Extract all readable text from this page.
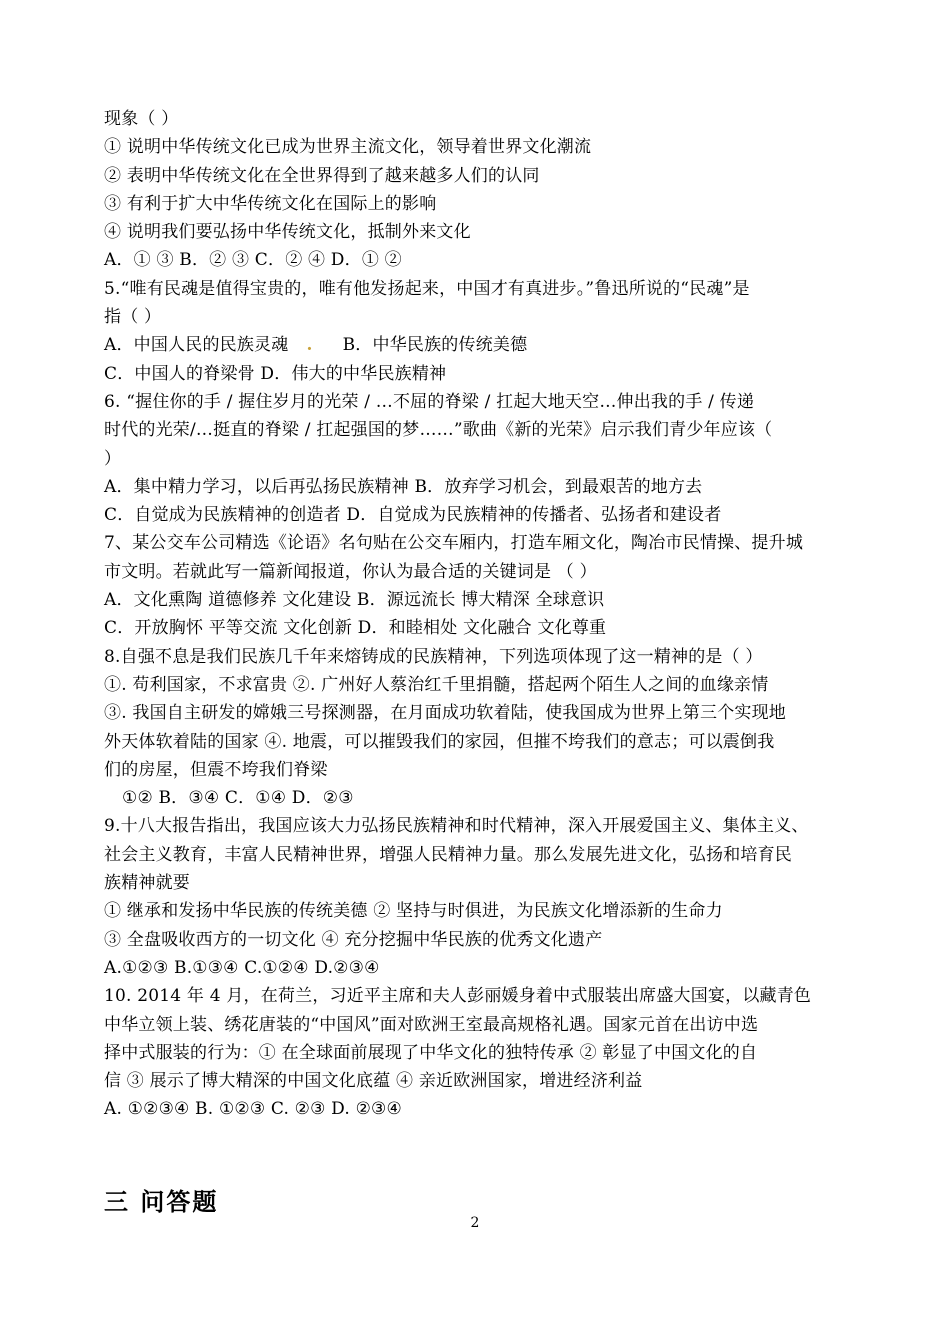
现象（ ）
① 说明中华传统文化已成为世界主流文化，领导着世界文化潮流
② 表明中华传统文化在全世界得到了越来越多人们的认同
③ 有利于扩大中华传统文化在国际上的影响
④ 说明我们要弘扬中华传统文化，抵制外来文化
A．① ③ B．② ③ C．② ④ D．① ②
5.“唯有民魂是值得宝贵的，唯有他发扬起来，中国才有真进步。”鲁迅所说的“民魂”是
指（ ）
A．中国人民的民族灵魂 . B．中华民族的传统美德
C．中国人的脊梁骨 D．伟大的中华民族精神
6. “握住你的手 / 握住岁月的光荣 / …不屈的脊梁 / 扛起大地天空…伸出我的手 / 传递
时代的光荣/…挺直的脊梁 / 扛起强国的梦……”歌曲《新的光荣》启示我们青少年应该（
）
A．集中精力学习，以后再弘扬民族精神 B．放弃学习机会，到最艰苦的地方去
C．自觉成为民族精神的创造者 D．自觉成为民族精神的传播者、弘扬者和建设者
7、某公交车公司精选《论语》名句贴在公交车厢内，打造车厢文化，陶冶市民情操、提升城
市文明。若就此写一篇新闻报道，你认为最合适的关键词是 （ ）
A．文化熏陶 道德修养 文化建设 B．源远流长 博大精深 全球意识
C．开放胸怀 平等交流 文化创新 D．和睦相处 文化融合 文化尊重
8.自强不息是我们民族几千年来熔铸成的民族精神，下列选项体现了这一精神的是（ ）
①. 苟利国家，不求富贵 ②. 广州好人蔡治红千里捐髓，搭起两个陌生人之间的血缘亲情
③. 我国自主研发的嫦娥三号探测器，在月面成功软着陆，使我国成为世界上第三个实现地
外天体软着陆的国家 ④. 地震，可以摧毁我们的家园，但摧不垮我们的意志；可以震倒我
们的房屋，但震不垮我们脊梁
①② B．③④ C．①④ D．②③
9.十八大报告指出，我国应该大力弘扬民族精神和时代精神，深入开展爱国主义、集体主义、
社会主义教育，丰富人民精神世界，增强人民精神力量。那么发展先进文化，弘扬和培育民
族精神就要
① 继承和发扬中华民族的传统美德 ② 坚持与时俱进，为民族文化增添新的生命力
③ 全盘吸收西方的一切文化 ④ 充分挖掘中华民族的优秀文化遗产
A.①②③ B.①③④ C.①②④ D.②③④
10. 2014 年 4 月，在荷兰，习近平主席和夫人彭丽媛身着中式服装出席盛大国宴，以藏青色
中华立领上装、绣花唐装的“中国风”面对欧洲王室最高规格礼遇。国家元首在出访中选
择中式服装的行为：① 在全球面前展现了中华文化的独特传承 ② 彰显了中国文化的自
信 ③ 展示了博大精深的中国文化底蕴 ④ 亲近欧洲国家，增进经济利益
A. ①②③④ B. ①②③ C. ②③ D. ②③④
三 问答题
2
